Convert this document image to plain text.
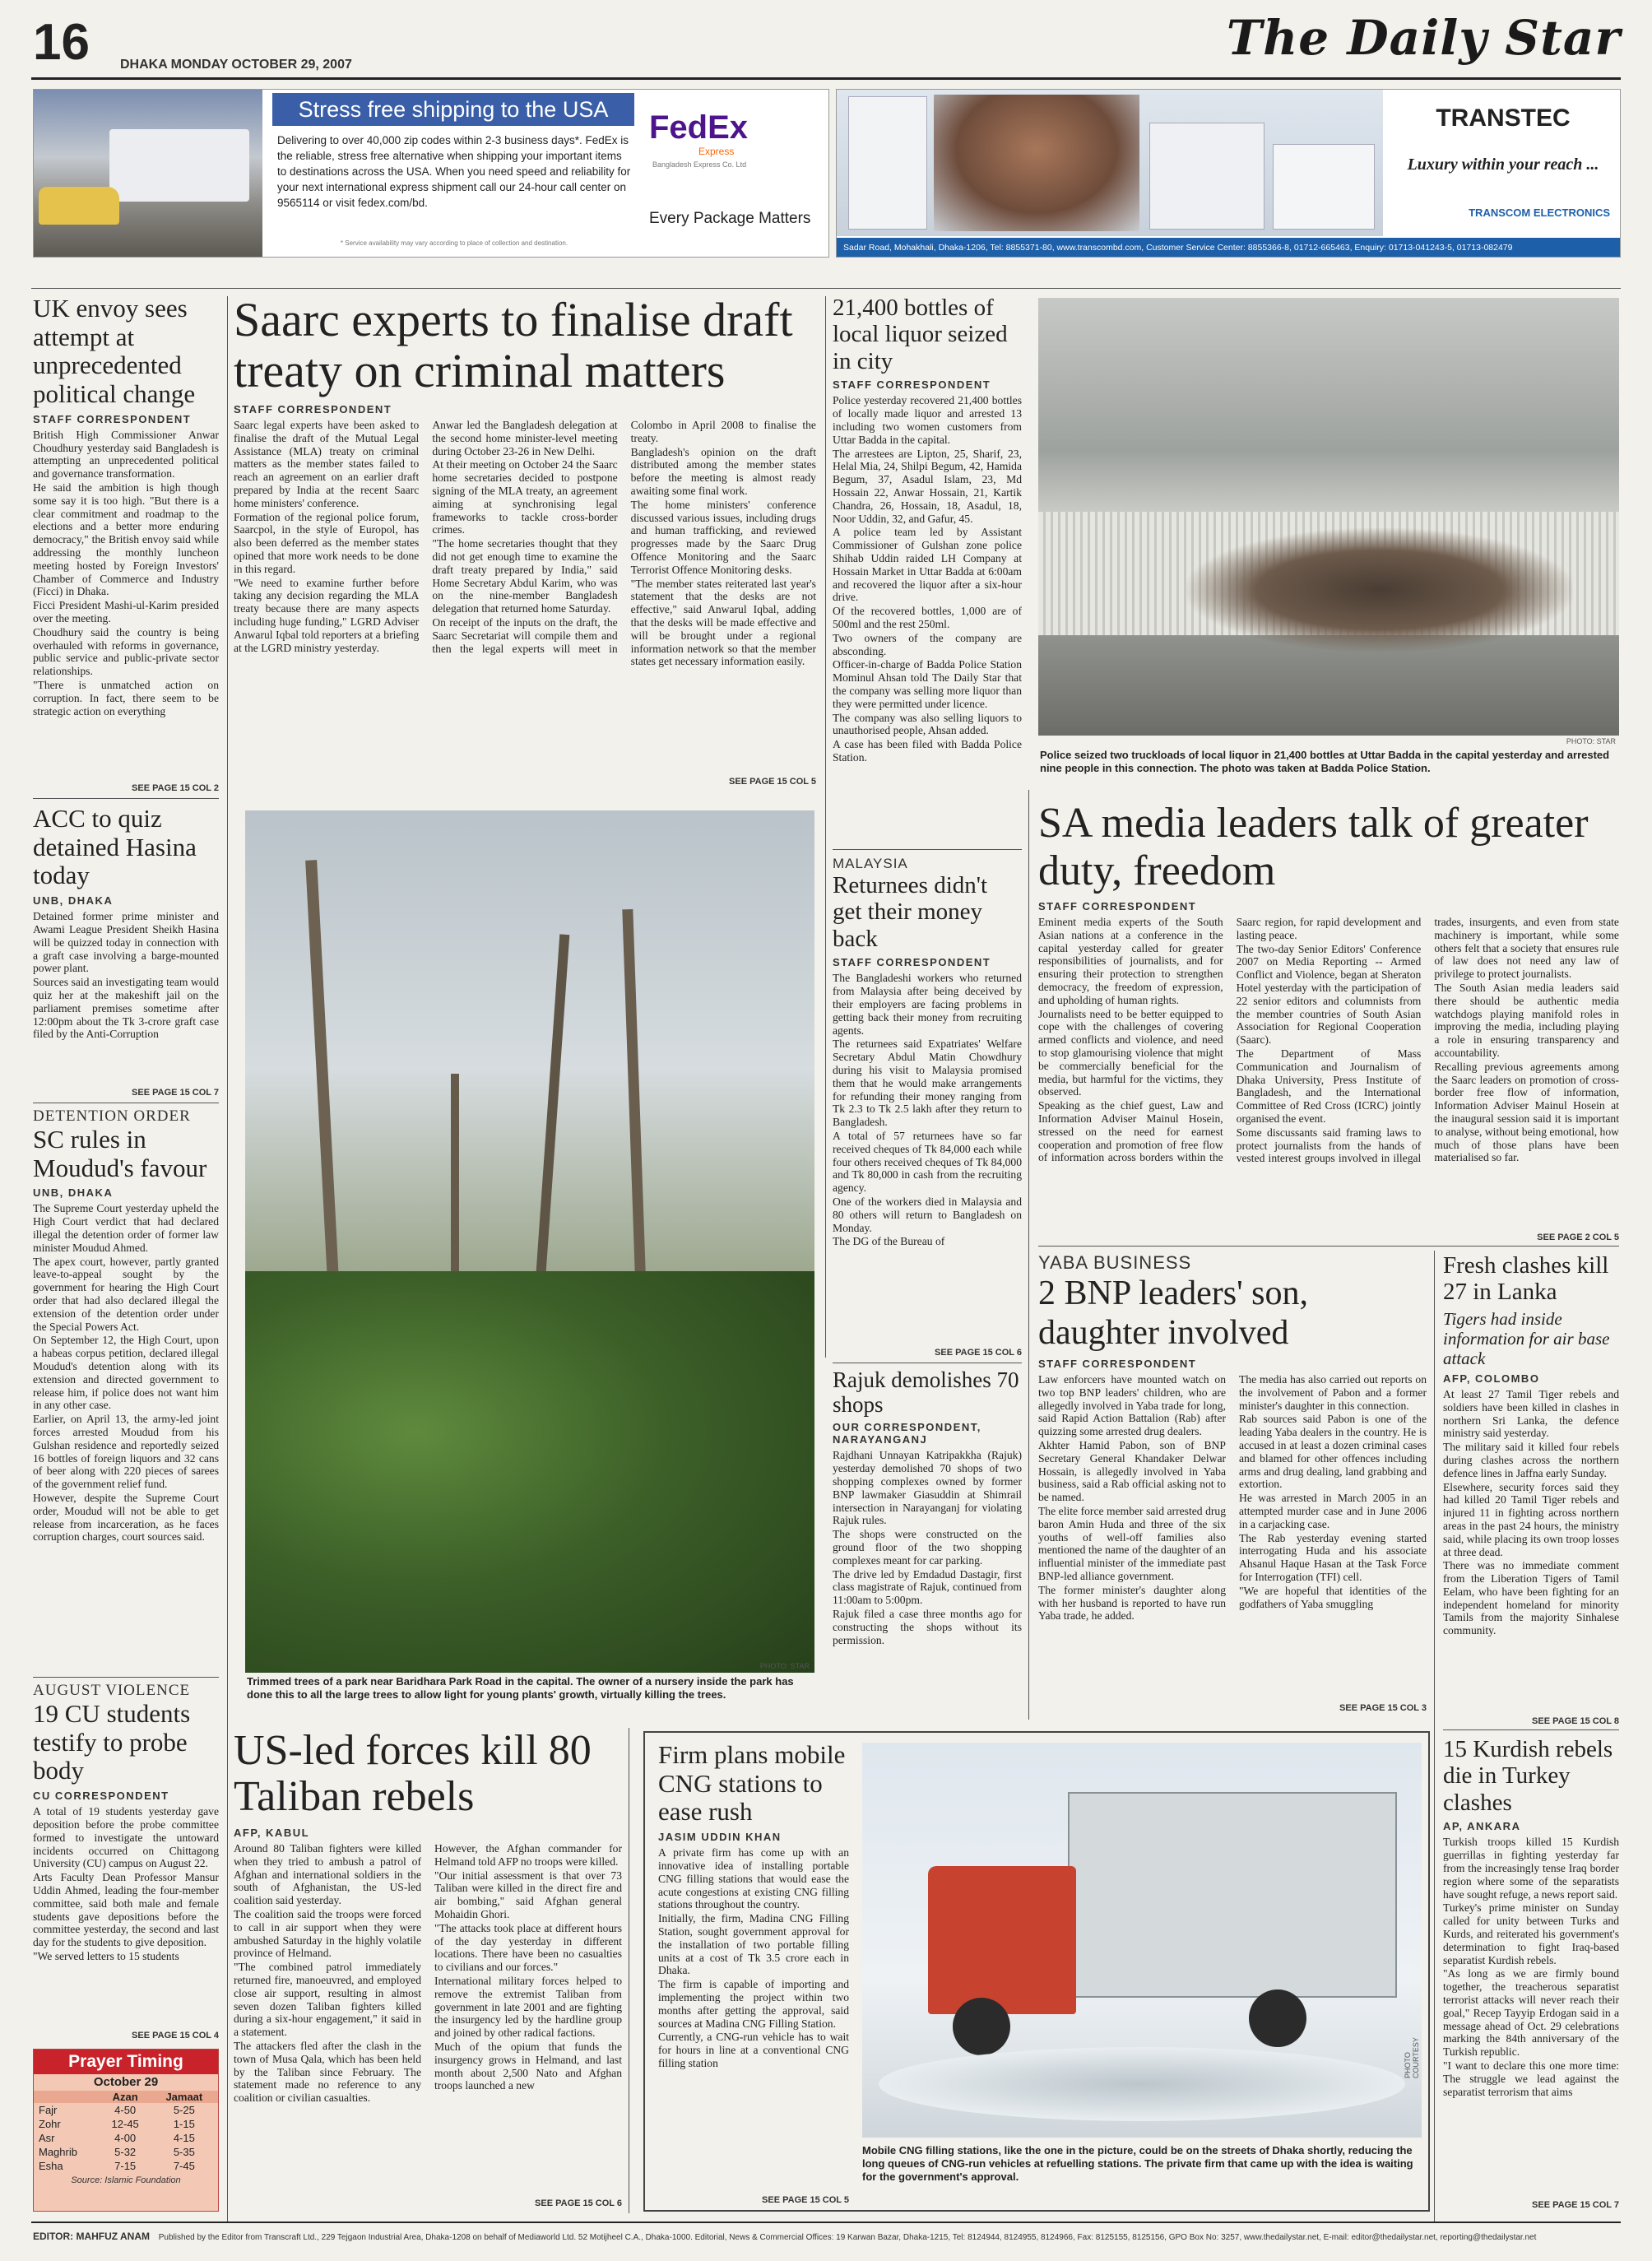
16 DHAKA MONDAY OCTOBER 29, 2007	The Daily Star
Stress free shipping to the USA
Delivering to over 40,000 zip codes within 2-3 business days*. FedEx is the reliable, stress free alternative when shipping your important items to destinations across the USA. When you need speed and reliability for your next international express shipment call our 24-hour call center on 9565114 or visit fedex.com/bd.
* Service availability may vary according to place of collection and destination.
FedEx
Express
Bangladesh Express Co. Ltd
Every Package Matters
TRANSTEC
Luxury within your reach ...
TRANSCOM ELECTRONICS
Sadar Road, Mohakhali, Dhaka-1206, Tel: 8855371-80, www.transcombd.com, Customer Service Center: 8855366-8, 01712-665463, Enquiry: 01713-041243-5, 01713-082479
UK envoy sees attempt at unprecedented political change
STAFF CORRESPONDENT

British High Commissioner Anwar Choudhury yesterday said Bangladesh is attempting an unprecedented political and governance transformation.

He said the ambition is high though some say it is too high. "But there is a clear commitment and roadmap to the elections and a better more enduring democracy," the British envoy said while addressing the monthly luncheon meeting hosted by Foreign Investors' Chamber of Commerce and Industry (Ficci) in Dhaka.

Ficci President Mashi-ul-Karim presided over the meeting.

Choudhury said the country is being overhauled with reforms in governance, public service and public-private sector relationships.

"There is unmatched action on corruption. In fact, there seem to be strategic action on everything

SEE PAGE 15 COL 2
ACC to quiz detained Hasina today
UNB, DHAKA

Detained former prime minister and Awami League President Sheikh Hasina will be quizzed today in connection with a graft case involving a barge-mounted power plant.

Sources said an investigating team would quiz her at the makeshift jail on the parliament premises sometime after 12:00pm about the Tk 3-crore graft case filed by the Anti-Corruption

SEE PAGE 15 COL 7
DETENTION ORDER
SC rules in Moudud's favour
UNB, DHAKA

The Supreme Court yesterday upheld the High Court verdict that had declared illegal the detention order of former law minister Moudud Ahmed.

The apex court, however, partly granted leave-to-appeal sought by the government for hearing the High Court order that had also declared illegal the extension of the detention order under the Special Powers Act.

On September 12, the High Court, upon a habeas corpus petition, declared illegal Moudud's detention along with its extension and directed government to release him, if police does not want him in any other case.

Earlier, on April 13, the army-led joint forces arrested Moudud from his Gulshan residence and reportedly seized 16 bottles of foreign liquors and 32 cans of beer along with 220 pieces of sarees of the government relief fund.

However, despite the Supreme Court order, Moudud will not be able to get release from incarceration, as he faces corruption charges, court sources said.

AUGUST VIOLENCE
19 CU students testify to probe body
CU CORRESPONDENT

A total of 19 students yesterday gave deposition before the probe committee formed to investigate the untoward incidents occurred on Chittagong University (CU) campus on August 22.

Arts Faculty Dean Professor Mansur Uddin Ahmed, leading the four-member committee, said both male and female students gave depositions before the committee yesterday, the second and last day for the students to give deposition.

"We served letters to 15 students

SEE PAGE 15 COL 4
Prayer Timing
October 29
	Azan	Jamaat
Fajr	4-50	5-25
Zohr	12-45	1-15
Asr	4-00	4-15
Maghrib	5-32	5-35
Esha	7-15	7-45
Source: Islamic Foundation
Saarc experts to finalise draft treaty on criminal matters
STAFF CORRESPONDENT

Saarc legal experts have been asked to finalise the draft of the Mutual Legal Assistance (MLA) treaty on criminal matters as the member states failed to reach an agreement on an earlier draft prepared by India at the recent Saarc home ministers' conference.

Formation of the regional police forum, Saarcpol, in the style of Europol, has also been deferred as the member states opined that more work needs to be done in this regard.

"We need to examine further before taking any decision regarding the MLA treaty because there are many aspects including huge funding," LGRD Adviser Anwarul Iqbal told reporters at a briefing at the LGRD ministry yesterday.

Anwar led the Bangladesh delegation at the second home minister-level meeting during October 23-26 in New Delhi.

At their meeting on October 24 the Saarc home secretaries decided to postpone signing of the MLA treaty, an agreement aiming at synchronising legal frameworks to tackle cross-border crimes.

"The home secretaries thought that they did not get enough time to examine the draft treaty prepared by India," said Home Secretary Abdul Karim, who was on the nine-member Bangladesh delegation that returned home Saturday.

On receipt of the inputs on the draft, the Saarc Secretariat will compile them and then the legal experts will meet in Colombo in April 2008 to finalise the treaty.

Bangladesh's opinion on the draft distributed among the member states before the meeting is almost ready awaiting some final work.

The home ministers' conference discussed various issues, including drugs and human trafficking, and reviewed progresses made by the Saarc Drug Offence Monitoring and the Saarc Terrorist Offence Monitoring desks.

"The member states reiterated last year's statement that the desks are not effective," said Anwarul Iqbal, adding that the desks will be made effective and will be brought under a regional information network so that the member states get necessary information easily.

SEE PAGE 15 COL 5
PHOTO: STAR
Trimmed trees of a park near Baridhara Park Road in the capital. The owner of a nursery inside the park has done this to all the large trees to allow light for young plants' growth, virtually killing the trees.
US-led forces kill 80 Taliban rebels
AFP, KABUL

Around 80 Taliban fighters were killed when they tried to ambush a patrol of Afghan and international soldiers in the south of Afghanistan, the US-led coalition said yesterday.

The coalition said the troops were forced to call in air support when they were ambushed Saturday in the highly volatile province of Helmand.

"The combined patrol immediately returned fire, manoeuvred, and employed close air support, resulting in almost seven dozen Taliban fighters killed during a six-hour engagement," it said in a statement.

The attackers fled after the clash in the town of Musa Qala, which has been held by the Taliban since February. The statement made no reference to any coalition or civilian casualties.

However, the Afghan commander for Helmand told AFP no troops were killed.

"Our initial assessment is that over 73 Taliban were killed in the direct fire and air bombing," said Afghan general Mohaidin Ghori.

"The attacks took place at different hours of the day yesterday in different locations. There have been no casualties to civilians and our forces."

International military forces helped to remove the extremist Taliban from government in late 2001 and are fighting the insurgency led by the hardline group and joined by other radical factions.

Much of the opium that funds the insurgency grows in Helmand, and last month about 2,500 Nato and Afghan troops launched a new

SEE PAGE 15 COL 6
21,400 bottles of local liquor seized in city
STAFF CORRESPONDENT

Police yesterday recovered 21,400 bottles of locally made liquor and arrested 13 including two women customers from Uttar Badda in the capital.

The arrestees are Lipton, 25, Sharif, 23, Helal Mia, 24, Shilpi Begum, 42, Hamida Begum, 37, Asadul Islam, 23, Md Hossain 22, Anwar Hossain, 21, Kartik Chandra, 26, Hossain, 18, Asadul, 18, Noor Uddin, 32, and Gafur, 45.

A police team led by Assistant Commissioner of Gulshan zone police Shihab Uddin raided LH Company at Hossain Market in Uttar Badda at 6:00am and recovered the liquor after a six-hour drive.

Of the recovered bottles, 1,000 are of 500ml and the rest 250ml.

Two owners of the company are absconding.

Officer-in-charge of Badda Police Station Mominul Ahsan told The Daily Star that the company was selling more liquor than they were permitted under licence.

The company was also selling liquors to unauthorised people, Ahsan added.

A case has been filed with Badda Police Station.

PHOTO: STAR
Police seized two truckloads of local liquor in 21,400 bottles at Uttar Badda in the capital yesterday and arrested nine people in this connection. The photo was taken at Badda Police Station.
MALAYSIA
Returnees didn't get their money back
STAFF CORRESPONDENT

The Bangladeshi workers who returned from Malaysia after being deceived by their employers are facing problems in getting back their money from recruiting agents.

The returnees said Expatriates' Welfare Secretary Abdul Matin Chowdhury during his visit to Malaysia promised them that he would make arrangements for refunding their money ranging from Tk 2.3 to Tk 2.5 lakh after they return to Bangladesh.

A total of 57 returnees have so far received cheques of Tk 84,000 each while four others received cheques of Tk 84,000 and Tk 80,000 in cash from the recruiting agency.

One of the workers died in Malaysia and 80 others will return to Bangladesh on Monday.

The DG of the Bureau of

SEE PAGE 15 COL 6
Rajuk demolishes 70 shops
OUR CORRESPONDENT, NARAYANGANJ

Rajdhani Unnayan Katripakkha (Rajuk) yesterday demolished 70 shops of two shopping complexes owned by former BNP lawmaker Giasuddin at Shimrail intersection in Narayanganj for violating Rajuk rules.

The shops were constructed on the ground floor of the two shopping complexes meant for car parking.

The drive led by Emdadud Dastagir, first class magistrate of Rajuk, continued from 11:00am to 5:00pm.

Rajuk filed a case three months ago for constructing the shops without its permission.

SA media leaders talk of greater duty, freedom
STAFF CORRESPONDENT

Eminent media experts of the South Asian nations at a conference in the capital yesterday called for greater responsibilities of journalists, and for ensuring their protection to strengthen democracy, the freedom of expression, and upholding of human rights.

Journalists need to be better equipped to cope with the challenges of covering armed conflicts and violence, and need to stop glamourising violence that might be commercially beneficial for the media, but harmful for the victims, they observed.

Speaking as the chief guest, Law and Information Adviser Mainul Hosein, stressed on the need for earnest cooperation and promotion of free flow of information across borders within the Saarc region, for rapid development and lasting peace.

The two-day Senior Editors' Conference 2007 on Media Reporting -- Armed Conflict and Violence, began at Sheraton Hotel yesterday with the participation of 22 senior editors and columnists from the member countries of South Asian Association for Regional Cooperation (Saarc).

The Department of Mass Communication and Journalism of Dhaka University, Press Institute of Bangladesh, and the International Committee of Red Cross (ICRC) jointly organised the event.

Some discussants said framing laws to protect journalists from the hands of vested interest groups involved in illegal trades, insurgents, and even from state machinery is important, while some others felt that a society that ensures rule of law does not need any law of privilege to protect journalists.

The South Asian media leaders said there should be authentic media watchdogs playing manifold roles in improving the media, including playing a role in ensuring transparency and accountability.

Recalling previous agreements among the Saarc leaders on promotion of cross-border free flow of information, Information Adviser Mainul Hosein at the inaugural session said it is important to analyse, without being emotional, how much of those plans have been materialised so far.

SEE PAGE 2 COL 5
YABA BUSINESS
2 BNP leaders' son, daughter involved
STAFF CORRESPONDENT

Law enforcers have mounted watch on two top BNP leaders' children, who are allegedly involved in Yaba trade for long, said Rapid Action Battalion (Rab) after quizzing some arrested drug dealers.

Akhter Hamid Pabon, son of BNP Secretary General Khandaker Delwar Hossain, is allegedly involved in Yaba business, said a Rab official asking not to be named.

The elite force member said arrested drug baron Amin Huda and three of the six youths of well-off families also mentioned the name of the daughter of an influential minister of the immediate past BNP-led alliance government.

The former minister's daughter along with her husband is reported to have run Yaba trade, he added.

The media has also carried out reports on the involvement of Pabon and a former minister's daughter in this connection.

Rab sources said Pabon is one of the leading Yaba dealers in the country. He is accused in at least a dozen criminal cases and blamed for other offences including arms and drug dealing, land grabbing and extortion.

He was arrested in March 2005 in an attempted murder case and in June 2006 in a carjacking case.

The Rab yesterday evening started interrogating Huda and his associate Ahsanul Haque Hasan at the Task Force for Interrogation (TFI) cell.

"We are hopeful that identities of the godfathers of Yaba smuggling

SEE PAGE 15 COL 3
Fresh clashes kill 27 in Lanka
Tigers had inside information for air base attack
AFP, COLOMBO

At least 27 Tamil Tiger rebels and soldiers have been killed in clashes in northern Sri Lanka, the defence ministry said yesterday.

The military said it killed four rebels during clashes across the northern defence lines in Jaffna early Sunday.

Elsewhere, security forces said they had killed 20 Tamil Tiger rebels and injured 11 in fighting across northern areas in the past 24 hours, the ministry said, while placing its own troop losses at three dead.

There was no immediate comment from the Liberation Tigers of Tamil Eelam, who have been fighting for an independent homeland for minority Tamils from the majority Sinhalese community.

SEE PAGE 15 COL 8
Firm plans mobile CNG stations to ease rush
JASIM UDDIN KHAN

A private firm has come up with an innovative idea of installing portable CNG filling stations that would ease the acute congestions at existing CNG filling stations throughout the country.

Initially, the firm, Madina CNG Filling Station, sought government approval for the installation of two portable filling units at a cost of Tk 3.5 crore each in Dhaka.

The firm is capable of importing and implementing the project within two months after getting the approval, said sources at Madina CNG Filling Station.

Currently, a CNG-run vehicle has to wait for hours in line at a conventional CNG filling station

SEE PAGE 15 COL 5
PHOTO COURTESY
Mobile CNG filling stations, like the one in the picture, could be on the streets of Dhaka shortly, reducing the long queues of CNG-run vehicles at refuelling stations. The private firm that came up with the idea is waiting for the government's approval.
15 Kurdish rebels die in Turkey clashes
AP, ANKARA

Turkish troops killed 15 Kurdish guerrillas in fighting yesterday far from the increasingly tense Iraq border region where some of the separatists have sought refuge, a news report said.

Turkey's prime minister on Sunday called for unity between Turks and Kurds, and reiterated his government's determination to fight Iraq-based separatist Kurdish rebels.

"As long as we are firmly bound together, the treacherous separatist terrorist attacks will never reach their goal," Recep Tayyip Erdogan said in a message ahead of Oct. 29 celebrations marking the 84th anniversary of the Turkish republic.

"I want to declare this one more time: The struggle we lead against the separatist terrorism that aims

SEE PAGE 15 COL 7
EDITOR: MAHFUZ ANAM Published by the Editor from Transcraft Ltd., 229 Tejgaon Industrial Area, Dhaka-1208 on behalf of Mediaworld Ltd. 52 Motijheel C.A., Dhaka-1000. Editorial, News & Commercial Offices: 19 Karwan Bazar, Dhaka-1215, Tel: 8124944, 8124955, 8124966, Fax: 8125155, 8125156, GPO Box No: 3257, www.thedailystar.net, E-mail: editor@thedailystar.net, reporting@thedailystar.net
